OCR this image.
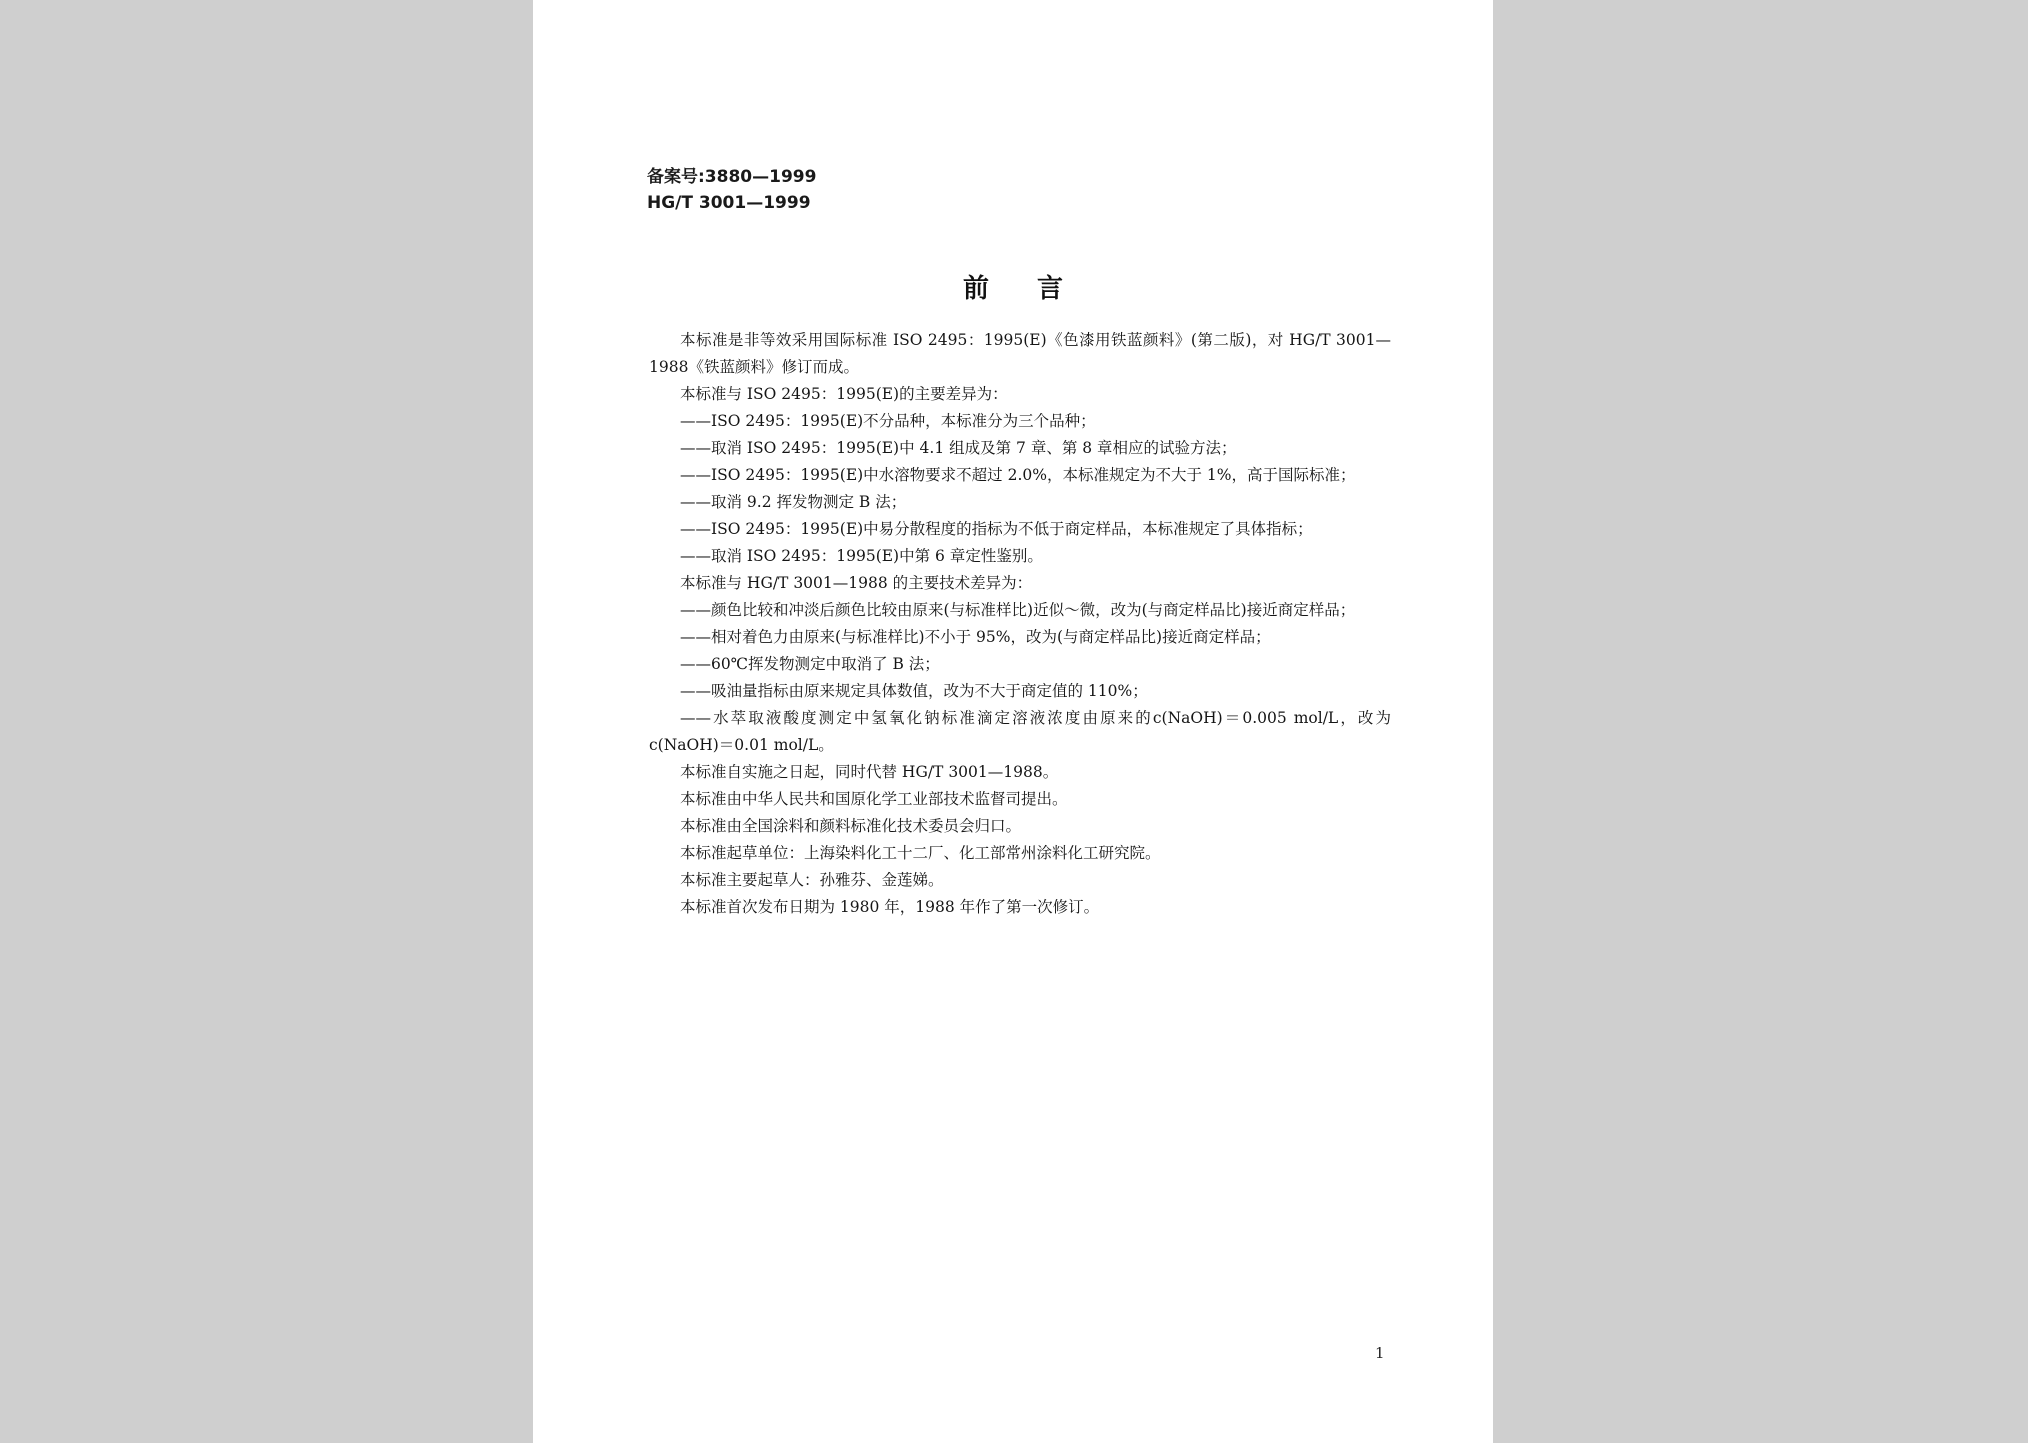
备案号:3880—1999
HG/T 3001—1999
前言

本标准是非等效采用国际标准 ISO 2495：1995(E)《色漆用铁蓝颜料》(第二版)，对 HG/T 3001—1988《铁蓝颜料》修订而成。

本标准与 ISO 2495：1995(E)的主要差异为：

——ISO 2495：1995(E)不分品种，本标准分为三个品种；

——取消 ISO 2495：1995(E)中 4.1 组成及第 7 章、第 8 章相应的试验方法；

——ISO 2495：1995(E)中水溶物要求不超过 2.0%，本标准规定为不大于 1%，高于国际标准；

——取消 9.2 挥发物测定 B 法；

——ISO 2495：1995(E)中易分散程度的指标为不低于商定样品，本标准规定了具体指标；

——取消 ISO 2495：1995(E)中第 6 章定性鉴别。

本标准与 HG/T 3001—1988 的主要技术差异为：

——颜色比较和冲淡后颜色比较由原来(与标准样比)近似～微，改为(与商定样品比)接近商定样品；

——相对着色力由原来(与标准样比)不小于 95%，改为(与商定样品比)接近商定样品；

——60℃挥发物测定中取消了 B 法；

——吸油量指标由原来规定具体数值，改为不大于商定值的 110%；

——水萃取液酸度测定中氢氧化钠标准滴定溶液浓度由原来的c(NaOH)＝0.005 mol/L，改为c(NaOH)＝0.01 mol/L。

本标准自实施之日起，同时代替 HG/T 3001—1988。

本标准由中华人民共和国原化学工业部技术监督司提出。

本标准由全国涂料和颜料标准化技术委员会归口。

本标准起草单位：上海染料化工十二厂、化工部常州涂料化工研究院。

本标准主要起草人：孙雅芬、金莲娣。

本标准首次发布日期为 1980 年，1988 年作了第一次修订。

1
